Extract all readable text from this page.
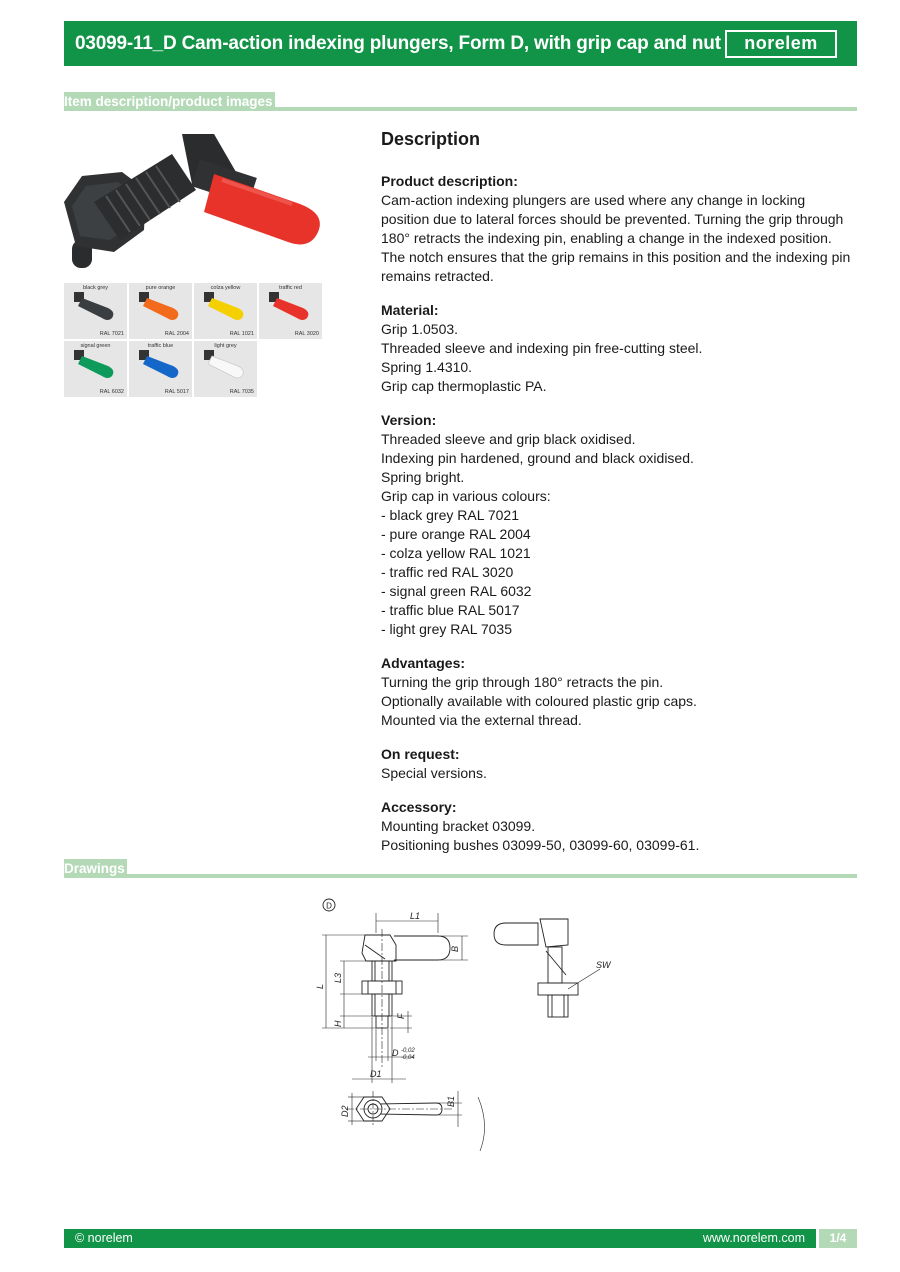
03099-11_D Cam-action indexing plungers, Form D, with grip cap and nut norelem
Item description/product images
black grey
RAL 7021
pure orange
RAL 2004
colza yellow
RAL 1021
traffic red
RAL 3020
signal green
RAL 6032
traffic blue
RAL 5017
light grey
RAL 7035
Description
Product description:

Cam-action indexing plungers are used where any change in locking position due to lateral forces should be prevented. Turning the grip through 180° retracts the indexing pin, enabling a change in the indexed position. The notch ensures that the grip remains in this position and the indexing pin remains retracted.

Material:

Grip 1.0503.

Threaded sleeve and indexing pin free-cutting steel.

Spring 1.4310.

Grip cap thermoplastic PA.

Version:

Threaded sleeve and grip black oxidised.

Indexing pin hardened, ground and black oxidised.

Spring bright.

Grip cap in various colours:

- black grey RAL 7021

- pure orange RAL 2004

- colza yellow RAL 1021

- traffic red RAL 3020

- signal green RAL 6032

- traffic blue RAL 5017

- light grey RAL 7035

Advantages:

Turning the grip through 180° retracts the pin.

Optionally available with coloured plastic grip caps.

Mounted via the external thread.

On request:

Special versions.

Accessory:

Mounting bracket 03099.

Positioning bushes 03099-50, 03099-60, 03099-61.

Drawings
D
L1
B
L
L3
H
F
D -0,02
-0,04
D1
SW
D2
B1
© norelem	www.norelem.com	1/4
